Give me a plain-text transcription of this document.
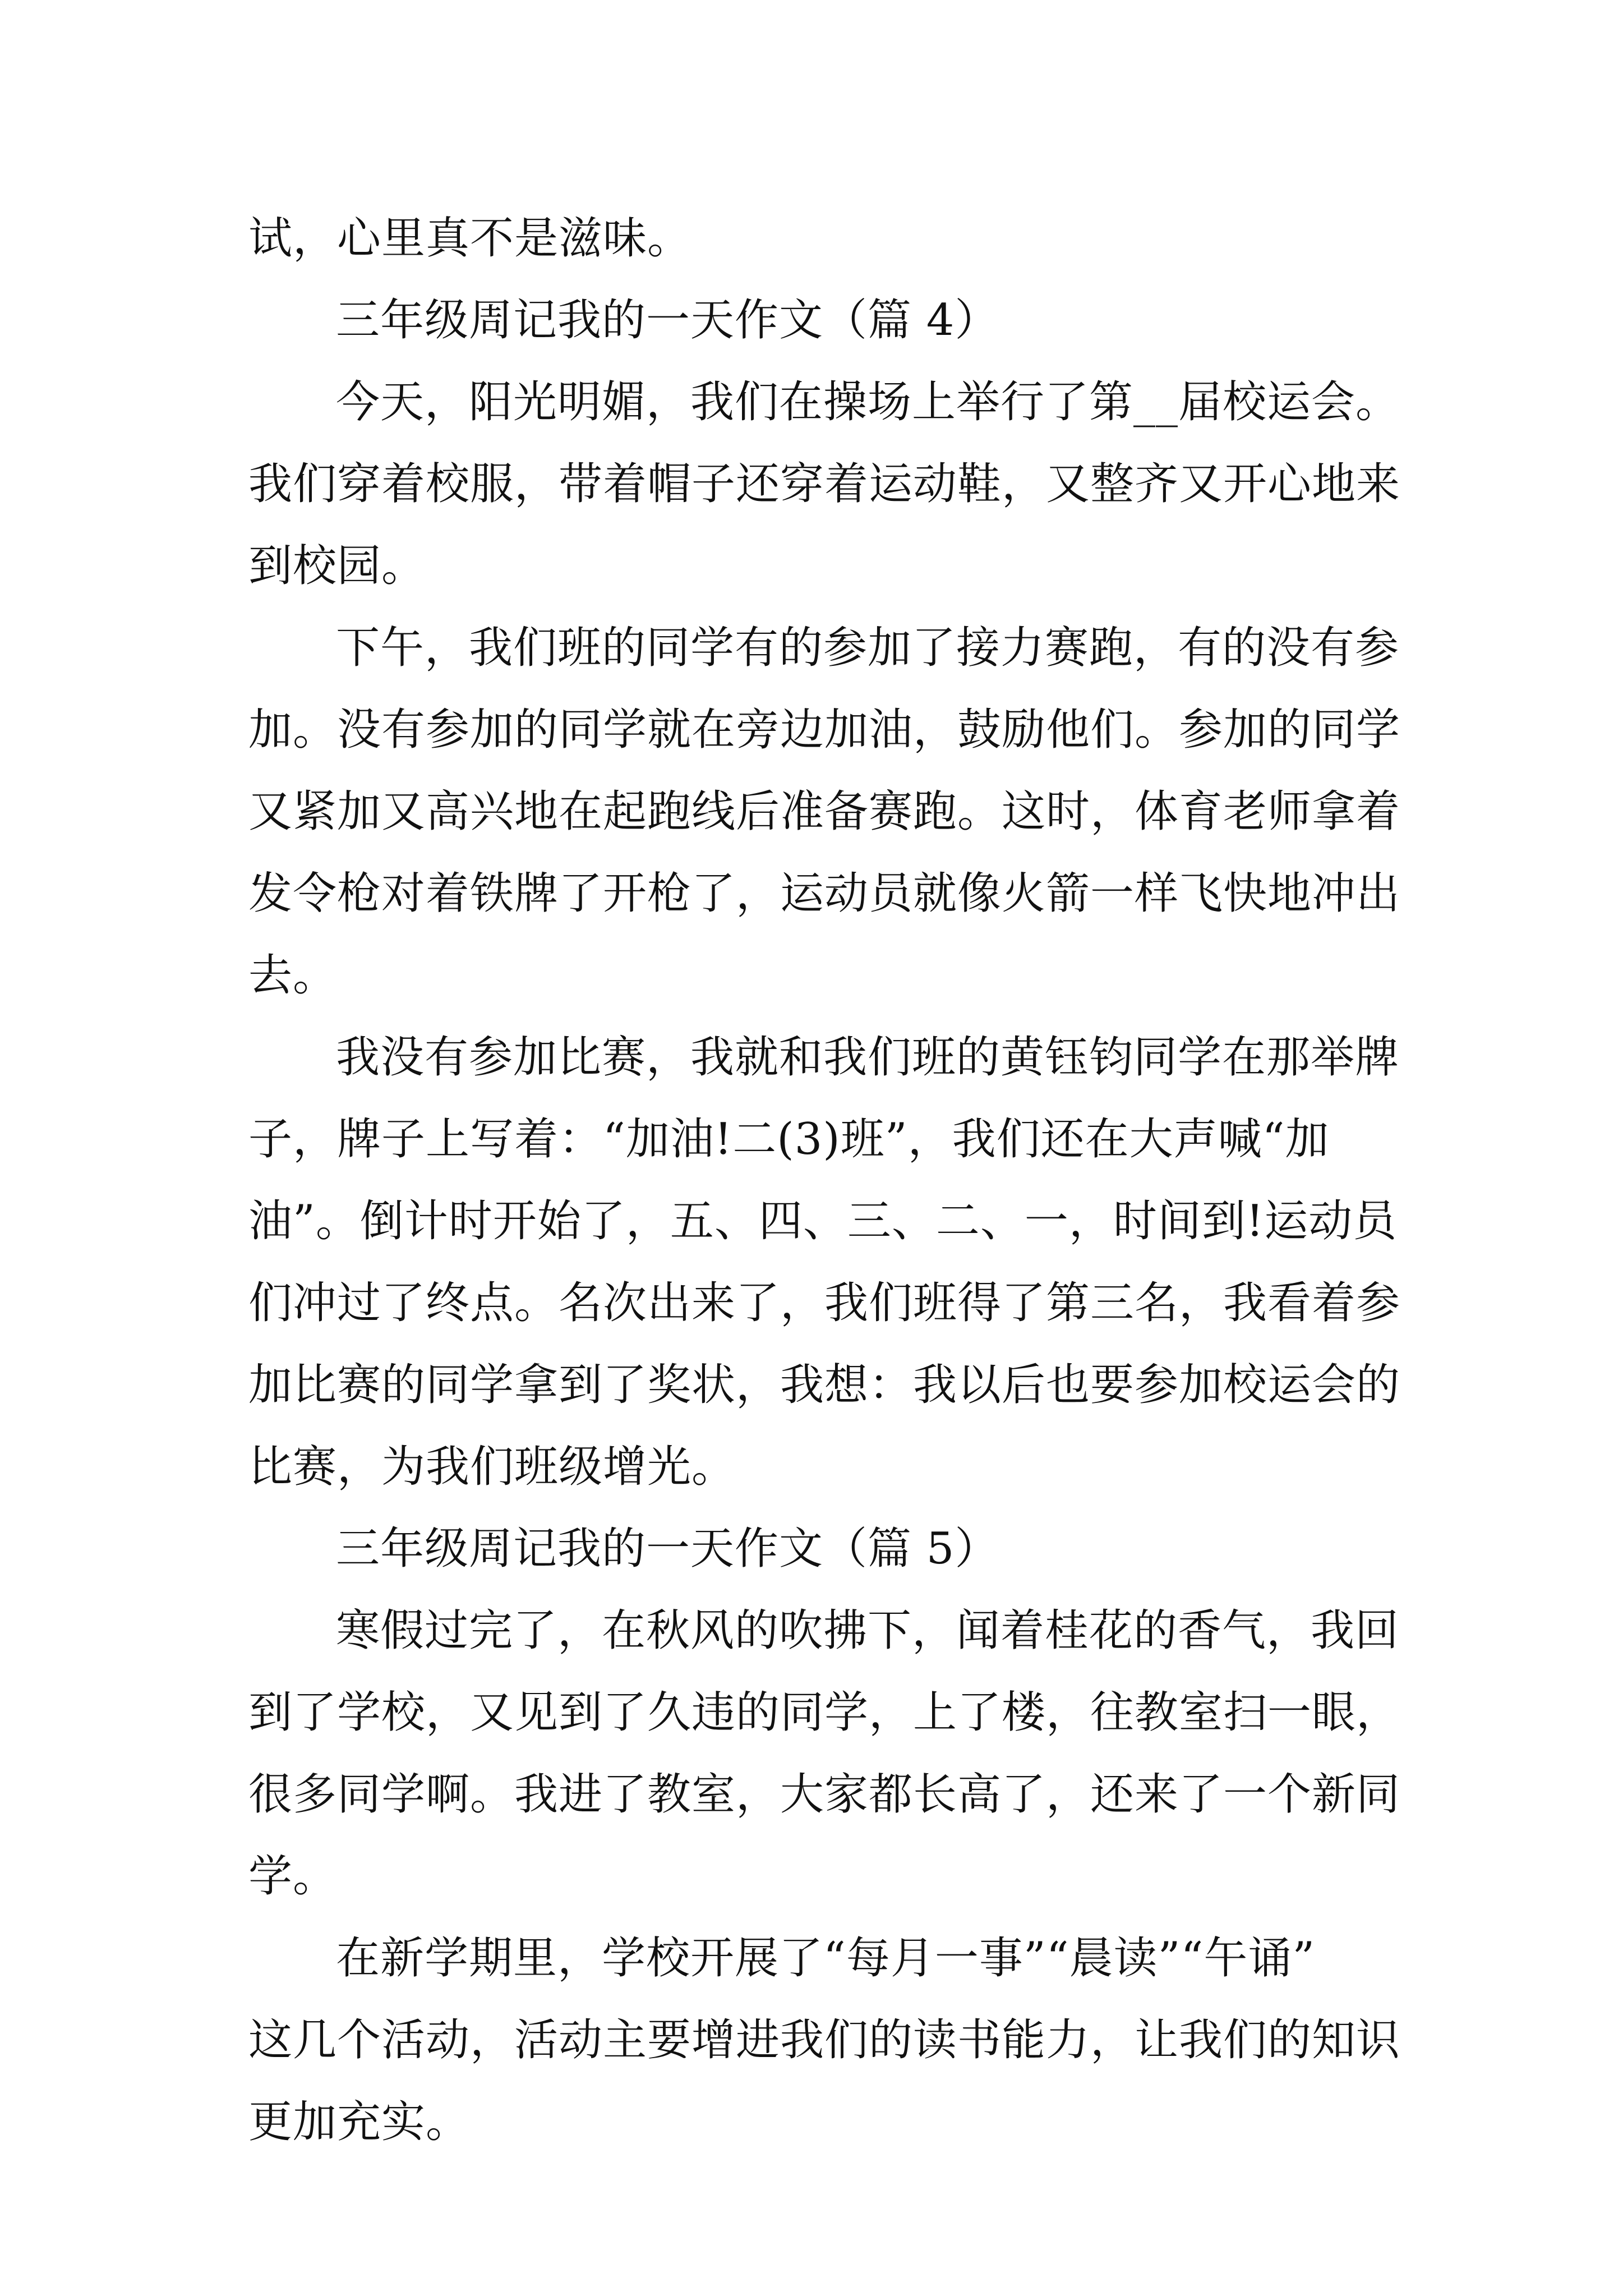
试，心里真不是滋味。
三年级周记我的一天作文（篇 4）
今天，阳光明媚，我们在操场上举行了第__届校运会。
我们穿着校服，带着帽子还穿着运动鞋，又整齐又开心地来
到校园。
下午，我们班的同学有的参加了接力赛跑，有的没有参
加。没有参加的同学就在旁边加油，鼓励他们。参加的同学
又紧加又高兴地在起跑线后准备赛跑。这时，体育老师拿着
发令枪对着铁牌了开枪了，运动员就像火箭一样飞快地冲出
去。
我没有参加比赛，我就和我们班的黄钰钧同学在那举牌
子，牌子上写着：“加油!二(3)班”，我们还在大声喊“加
油”。倒计时开始了，五、四、三、二、一，时间到!运动员
们冲过了终点。名次出来了，我们班得了第三名，我看着参
加比赛的同学拿到了奖状，我想：我以后也要参加校运会的
比赛，为我们班级增光。
三年级周记我的一天作文（篇 5）
寒假过完了，在秋风的吹拂下，闻着桂花的香气，我回
到了学校，又见到了久违的同学，上了楼，往教室扫一眼，
很多同学啊。我进了教室，大家都长高了，还来了一个新同
学。
在新学期里，学校开展了“每月一事”“晨读”“午诵”
这几个活动，活动主要增进我们的读书能力，让我们的知识
更加充实。
